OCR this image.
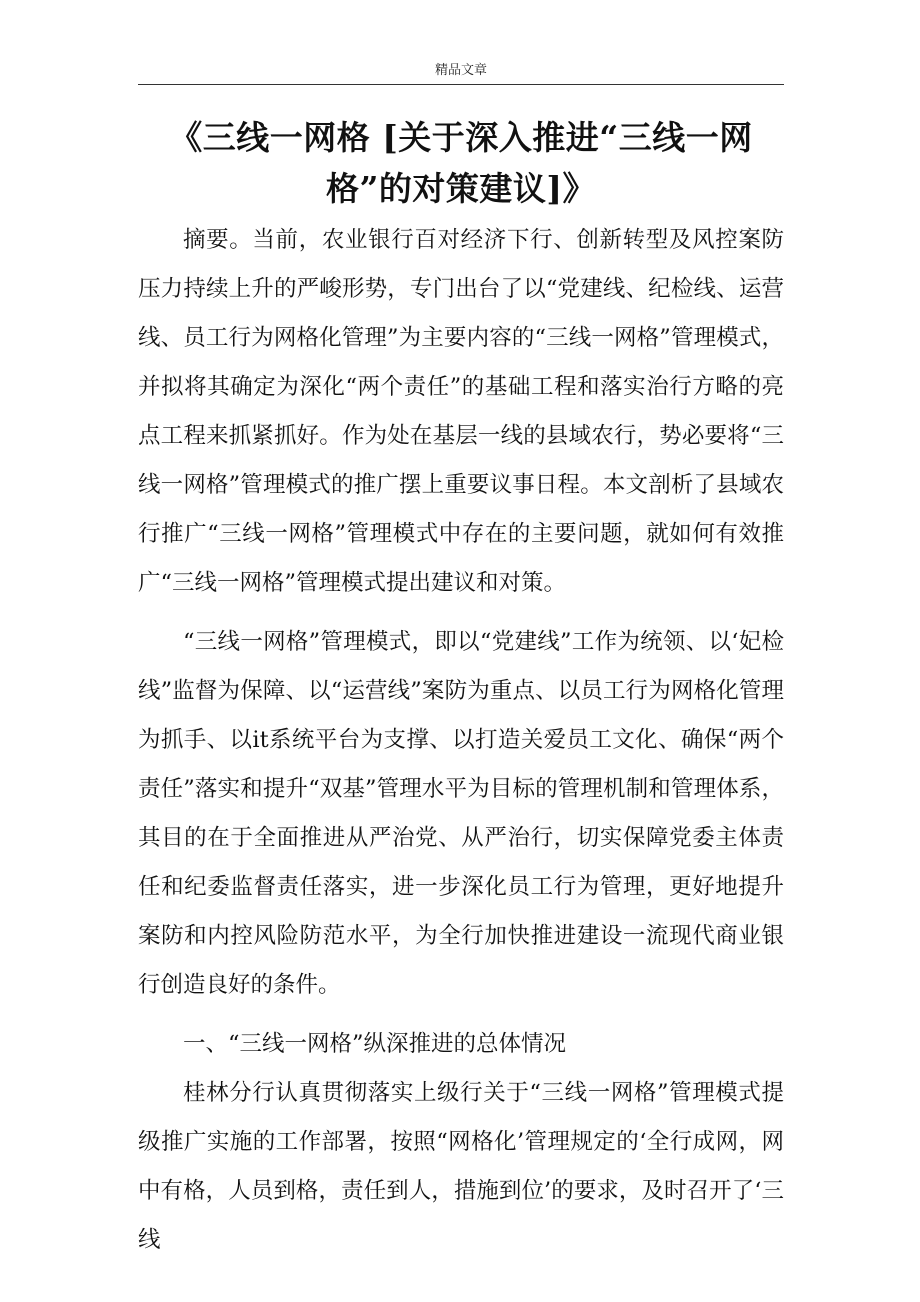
精品文章
《三线一网格 [关于深入推进“三线一网格”的对策建议]》

摘要。当前，农业银行百对经济下行、创新转型及风控案防压力持续上升的严峻形势，专门出台了以“党建线、纪检线、运营线、员工行为网格化管理”为主要内容的“三线一网格”管理模式，并拟将其确定为深化“两个责任”的基础工程和落实治行方略的亮点工程来抓紧抓好。作为处在基层一线的县域农行，势必要将“三线一网格”管理模式的推广摆上重要议事日程。本文剖析了县域农行推广“三线一网格”管理模式中存在的主要问题，就如何有效推广“三线一网格”管理模式提出建议和对策。

“三线一网格”管理模式，即以“党建线”工作为统领、以‘妃检线”监督为保障、以“运营线”案防为重点、以员工行为网格化管理为抓手、以it系统平台为支撑、以打造关爱员工文化、确保“两个责任”落实和提升“双基”管理水平为目标的管理机制和管理体系，其目的在于全面推进从严治党、从严治行，切实保障党委主体责任和纪委监督责任落实，进一步深化员工行为管理，更好地提升案防和内控风险防范水平，为全行加快推进建设一流现代商业银行创造良好的条件。

一、“三线一网格”纵深推进的总体情况

桂林分行认真贯彻落实上级行关于“三线一网格”管理模式提级推广实施的工作部署，按照“网格化’管理规定的‘全行成网，网中有格，人员到格，责任到人，措施到位’的要求，及时召开了‘三线
